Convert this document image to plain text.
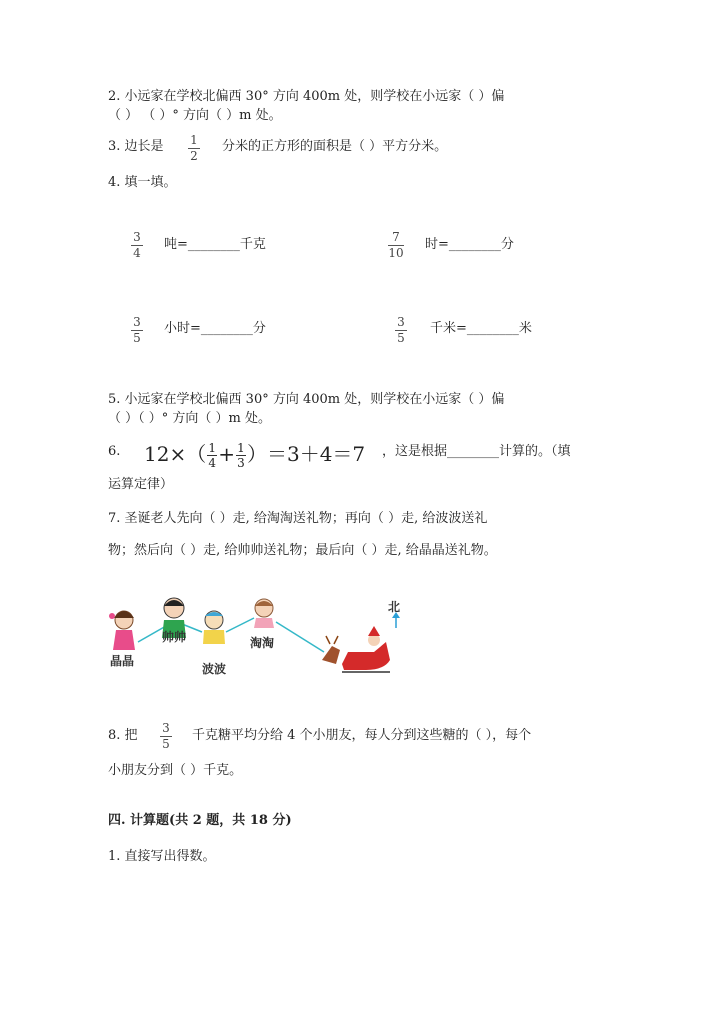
2. 小远家在学校北偏西 30° 方向 400m 处，则学校在小远家（ ）偏
（ ） （ ）° 方向（ ）m 处。
3. 边长是 1
2
分米的正方形的面积是（ ）平方分米。
4. 填一填。
3
4
吨=________千克	7
10
时=________分
3
5
小时=________分	3
5
千米=________米
5. 小远家在学校北偏西 30° 方向 400m 处，则学校在小远家（ ）偏
（ ）（ ）° 方向（ ）m 处。
6. $12\times( \frac{1}{4} + \frac{1}{3} )=3+4=7$ ，这是根据________计算的。（填
运算定律）
7. 圣诞老人先向（ ）走, 给淘淘送礼物；再向（ ）走, 给波波送礼
物；然后向（ ）走, 给帅帅送礼物；最后向（ ）走, 给晶晶送礼物。
晶晶
帅帅
波波
淘淘
北
8. 把 3
5
千克糖平均分给 4 个小朋友，每人分到这些糖的（ ），每个
小朋友分到（ ）千克。
四. 计算题(共 2 题，共 18 分)
1. 直接写出得数。
